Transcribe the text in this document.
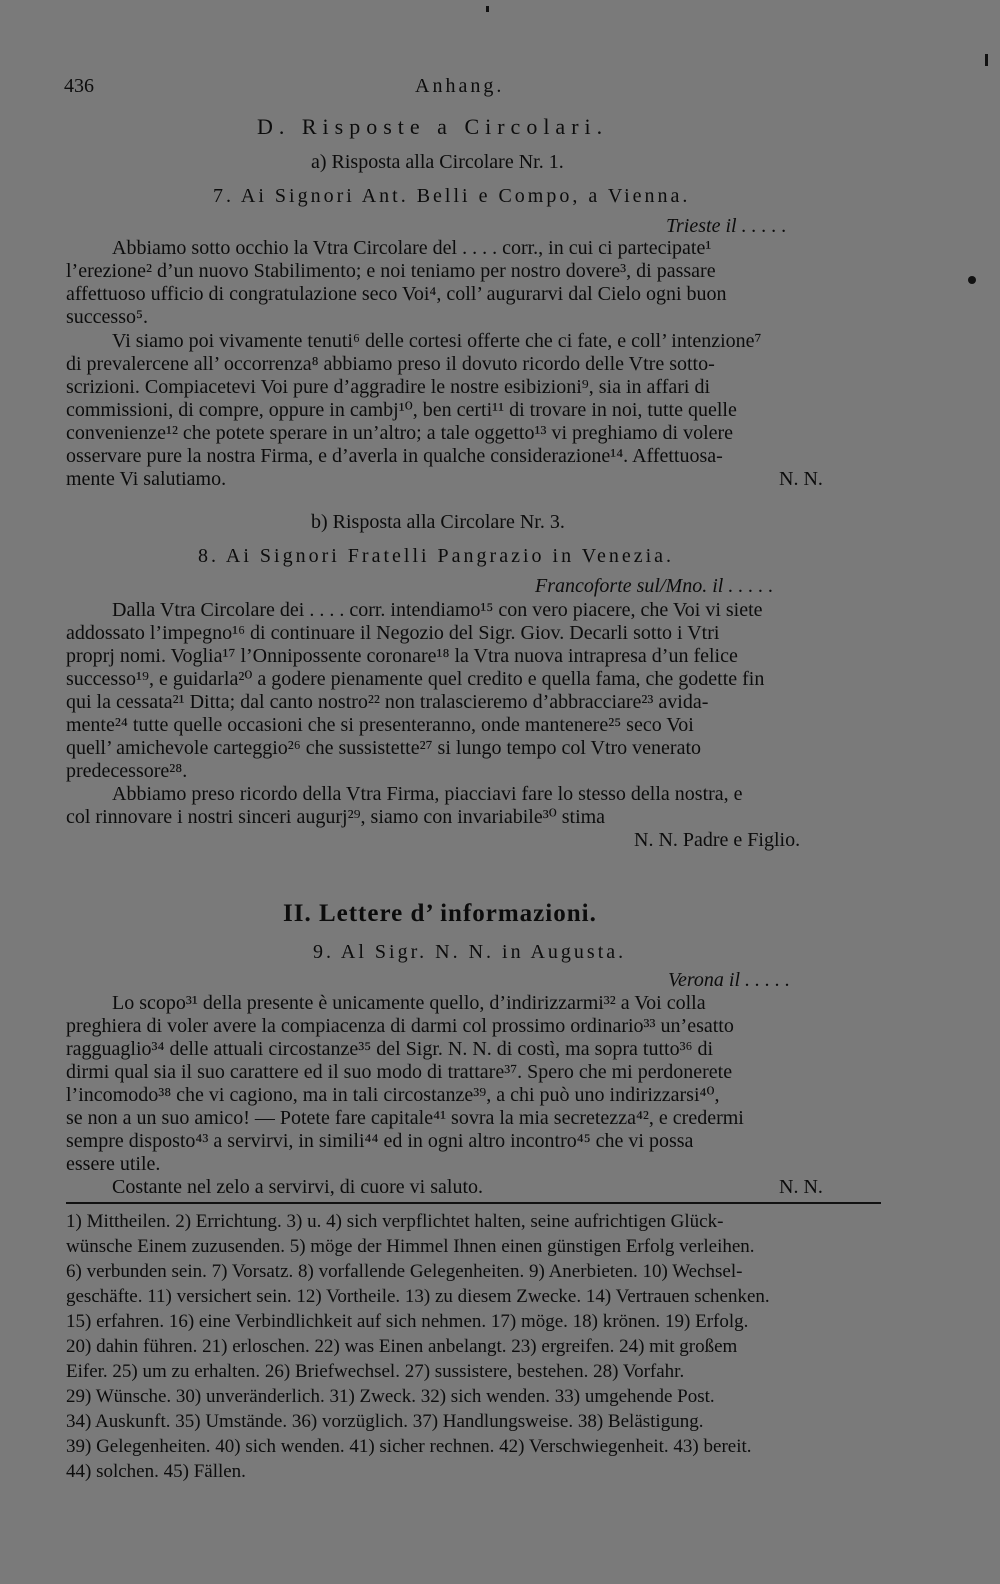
436	Anhang.
D. Risposte a Circolari.
a) Risposta alla Circolare Nr. 1.
7. Ai Signori Ant. Belli e Compo, a Vienna.
Trieste il . . . . .
Abbiamo sotto occhio la Vtra Circolare del . . . . corr., in cui ci partecipate¹
l’erezione² d’un nuovo Stabilimento; e noi teniamo per nostro dovere³, di passare
affettuoso ufficio di congratulazione seco Voi⁴, coll’ augurarvi dal Cielo ogni buon
successo⁵.
Vi siamo poi vivamente tenuti⁶ delle cortesi offerte che ci fate, e coll’ intenzione⁷
di prevalercene all’ occorrenza⁸ abbiamo preso il dovuto ricordo delle Vtre sotto-
scrizioni. Compiacetevi Voi pure d’aggradire le nostre esibizioni⁹, sia in affari di
commissioni, di compre, oppure in cambj¹⁰, ben certi¹¹ di trovare in noi, tutte quelle
convenienze¹² che potete sperare in un’altro; a tale oggetto¹³ vi preghiamo di volere
osservare pure la nostra Firma, e d’averla in qualche considerazione¹⁴. Affettuosa-
mente Vi salutiamo.	N. N.
b) Risposta alla Circolare Nr. 3.
8. Ai Signori Fratelli Pangrazio in Venezia.
Francoforte sul/Mno. il . . . . .
Dalla Vtra Circolare dei . . . . corr. intendiamo¹⁵ con vero piacere, che Voi vi siete
addossato l’impegno¹⁶ di continuare il Negozio del Sigr. Giov. Decarli sotto i Vtri
proprj nomi. Voglia¹⁷ l’Onnipossente coronare¹⁸ la Vtra nuova intrapresa d’un felice
successo¹⁹, e guidarla²⁰ a godere pienamente quel credito e quella fama, che godette fin
qui la cessata²¹ Ditta; dal canto nostro²² non tralascieremo d’abbracciare²³ avida-
mente²⁴ tutte quelle occasioni che si presenteranno, onde mantenere²⁵ seco Voi
quell’ amichevole carteggio²⁶ che sussistette²⁷ si lungo tempo col Vtro venerato
predecessore²⁸.
Abbiamo preso ricordo della Vtra Firma, piacciavi fare lo stesso della nostra, e
col rinnovare i nostri sinceri augurj²⁹, siamo con invariabile³⁰ stima
N. N. Padre e Figlio.
II. Lettere d’ informazioni.
9. Al Sigr. N. N. in Augusta.
Verona il . . . . .
Lo scopo³¹ della presente è unicamente quello, d’indirizzarmi³² a Voi colla
preghiera di voler avere la compiacenza di darmi col prossimo ordinario³³ un’esatto
ragguaglio³⁴ delle attuali circostanze³⁵ del Sigr. N. N. di costì, ma sopra tutto³⁶ di
dirmi qual sia il suo carattere ed il suo modo di trattare³⁷. Spero che mi perdonerete
l’incomodo³⁸ che vi cagiono, ma in tali circostanze³⁹, a chi può uno indirizzarsi⁴⁰,
se non a un suo amico! — Potete fare capitale⁴¹ sovra la mia secretezza⁴², e credermi
sempre disposto⁴³ a servirvi, in simili⁴⁴ ed in ogni altro incontro⁴⁵ che vi possa
essere utile.
Costante nel zelo a servirvi, di cuore vi saluto.	N. N.
1) Mittheilen. 2) Errichtung. 3) u. 4) sich verpflichtet halten, seine aufrichtigen Glück-
wünsche Einem zuzusenden. 5) möge der Himmel Ihnen einen günstigen Erfolg verleihen.
6) verbunden sein. 7) Vorsatz. 8) vorfallende Gelegenheiten. 9) Anerbieten. 10) Wechsel-
geschäfte. 11) versichert sein. 12) Vortheile. 13) zu diesem Zwecke. 14) Vertrauen schenken.
15) erfahren. 16) eine Verbindlichkeit auf sich nehmen. 17) möge. 18) krönen. 19) Erfolg.
20) dahin führen. 21) erloschen. 22) was Einen anbelangt. 23) ergreifen. 24) mit großem
Eifer. 25) um zu erhalten. 26) Briefwechsel. 27) sussistere, bestehen. 28) Vorfahr.
29) Wünsche. 30) unveränderlich. 31) Zweck. 32) sich wenden. 33) umgehende Post.
34) Auskunft. 35) Umstände. 36) vorzüglich. 37) Handlungsweise. 38) Belästigung.
39) Gelegenheiten. 40) sich wenden. 41) sicher rechnen. 42) Verschwiegenheit. 43) bereit.
44) solchen. 45) Fällen.
